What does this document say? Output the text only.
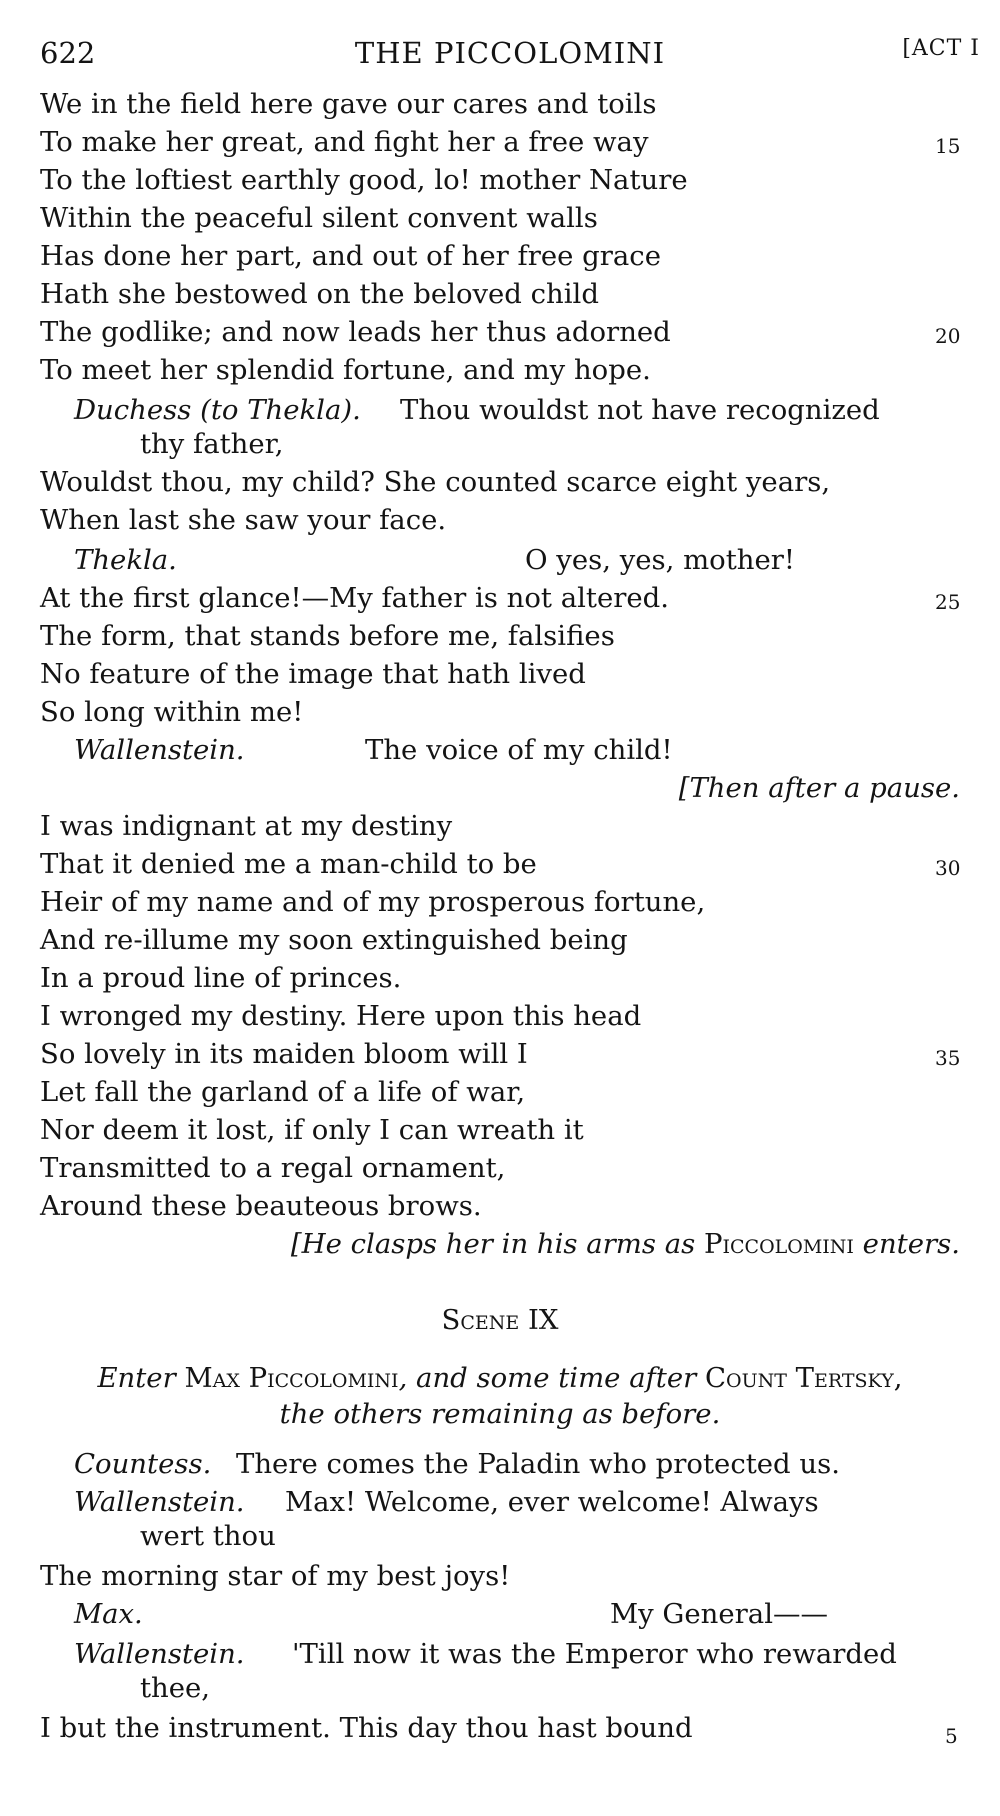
622	THE PICCOLOMINI	[ACT I
We in the field here gave our cares and toils
To make her great, and fight her a free way	15
To the loftiest earthly good, lo! mother Nature
Within the peaceful silent convent walls
Has done her part, and out of her free grace
Hath she bestowed on the beloved child
The godlike; and now leads her thus adorned	20
To meet her splendid fortune, and my hope.
Duchess (to Thekla). Thou wouldst not have recognized
thy father,
Wouldst thou, my child? She counted scarce eight years,
When last she saw your face.
Thekla.	O yes, yes, mother!
At the first glance!—My father is not altered.	25
The form, that stands before me, falsifies
No feature of the image that hath lived
So long within me!
Wallenstein.	The voice of my child!
[Then after a pause.
I was indignant at my destiny
That it denied me a man-child to be	30
Heir of my name and of my prosperous fortune,
And re-illume my soon extinguished being
In a proud line of princes.
I wronged my destiny. Here upon this head
So lovely in its maiden bloom will I	35
Let fall the garland of a life of war,
Nor deem it lost, if only I can wreath it
Transmitted to a regal ornament,
Around these beauteous brows.
[He clasps her in his arms as Piccolomini enters.
Scene IX
Enter Max Piccolomini, and some time after Count Tertsky,
the others remaining as before.
Countess. There comes the Paladin who protected us.
Wallenstein. Max! Welcome, ever welcome! Always
wert thou
The morning star of my best joys!
Max.	My General——
Wallenstein. 'Till now it was the Emperor who rewarded
thee,
I but the instrument. This day thou hast bound	5
